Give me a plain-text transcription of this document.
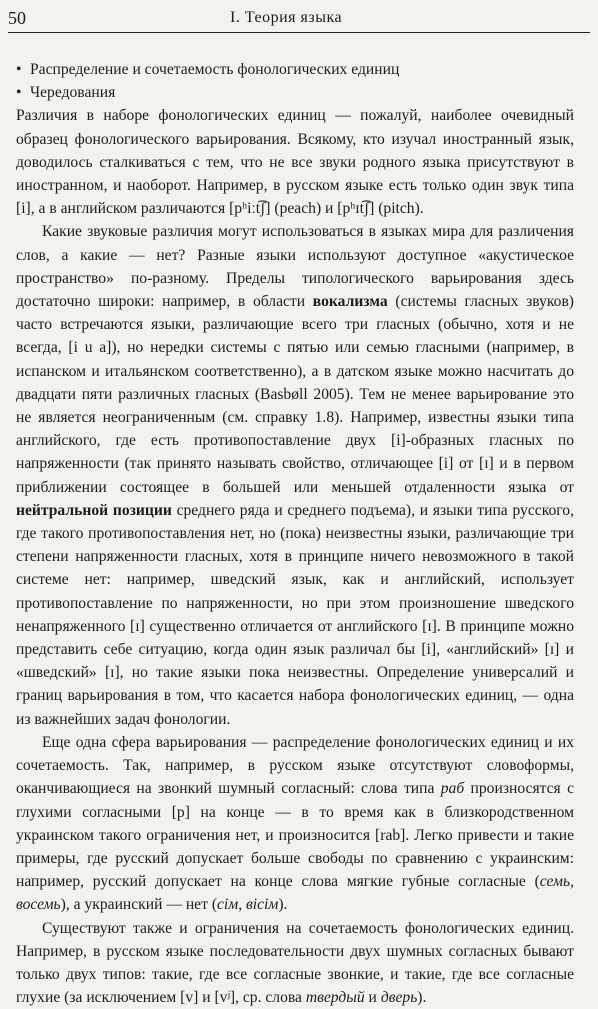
50	I. Теория языка

• Распределение и сочетаемость фонологических единиц

• Чередования

Различия в наборе фонологических единиц — пожалуй, наиболее очевидный образец фонологического варьирования. Всякому, кто изучал иностранный язык, доводилось сталкиваться с тем, что не все звуки родного языка присутствуют в иностранном, и наоборот. Например, в русском языке есть только один звук типа [i], а в английском различаются [pʰiːt͡ʃ] (peach) и [pʰɪt͡ʃ] (pitch).

Какие звуковые различия могут использоваться в языках мира для различения слов, а какие — нет? Разные языки используют доступное «акустическое пространство» по-разному. Пределы типологического варьирования здесь достаточно широки: например, в области вокализма (системы гласных звуков) часто встречаются языки, различающие всего три гласных (обычно, хотя и не всегда, [i u a]), но нередки системы с пятью или семью гласными (например, в испанском и итальянском соответственно), а в датском языке можно насчитать до двадцати пяти различных гласных (Basbøll 2005). Тем не менее варьирование это не является неограниченным (см. справку 1.8). Например, известны языки типа английского, где есть противопоставление двух [i]-образных гласных по напряженности (так принято называть свойство, отличающее [i] от [ɪ] и в первом приближении состоящее в большей или меньшей отдаленности языка от нейтральной позиции среднего ряда и среднего подъема), и языки типа русского, где такого противопоставления нет, но (пока) неизвестны языки, различающие три степени напряженности гласных, хотя в принципе ничего невозможного в такой системе нет: например, шведский язык, как и английский, использует противопоставление по напряженности, но при этом произношение шведского ненапряженного [ɪ] существенно отличается от английского [ɪ]. В принципе можно представить себе ситуацию, когда один язык различал бы [i], «английский» [ɪ] и «шведский» [ɪ], но такие языки пока неизвестны. Определение универсалий и границ варьирования в том, что касается набора фонологических единиц, — одна из важнейших задач фонологии.

Еще одна сфера варьирования — распределение фонологических единиц и их сочетаемость. Так, например, в русском языке отсутствуют словоформы, оканчивающиеся на звонкий шумный согласный: слова типа раб произносятся с глухими согласными [p] на конце — в то время как в близкородственном украинском такого ограничения нет, и произносится [rab]. Легко привести и такие примеры, где русский допускает больше свободы по сравнению с украинским: например, русский допускает на конце слова мягкие губные согласные (семь, восемь), а украинский — нет (сім, вісім).

Существуют также и ограничения на сочетаемость фонологических единиц. Например, в русском языке последовательности двух шумных согласных бывают только двух типов: такие, где все согласные звонкие, и такие, где все согласные глухие (за исключением [v] и [vʲ], ср. слова твердый и дверь).
